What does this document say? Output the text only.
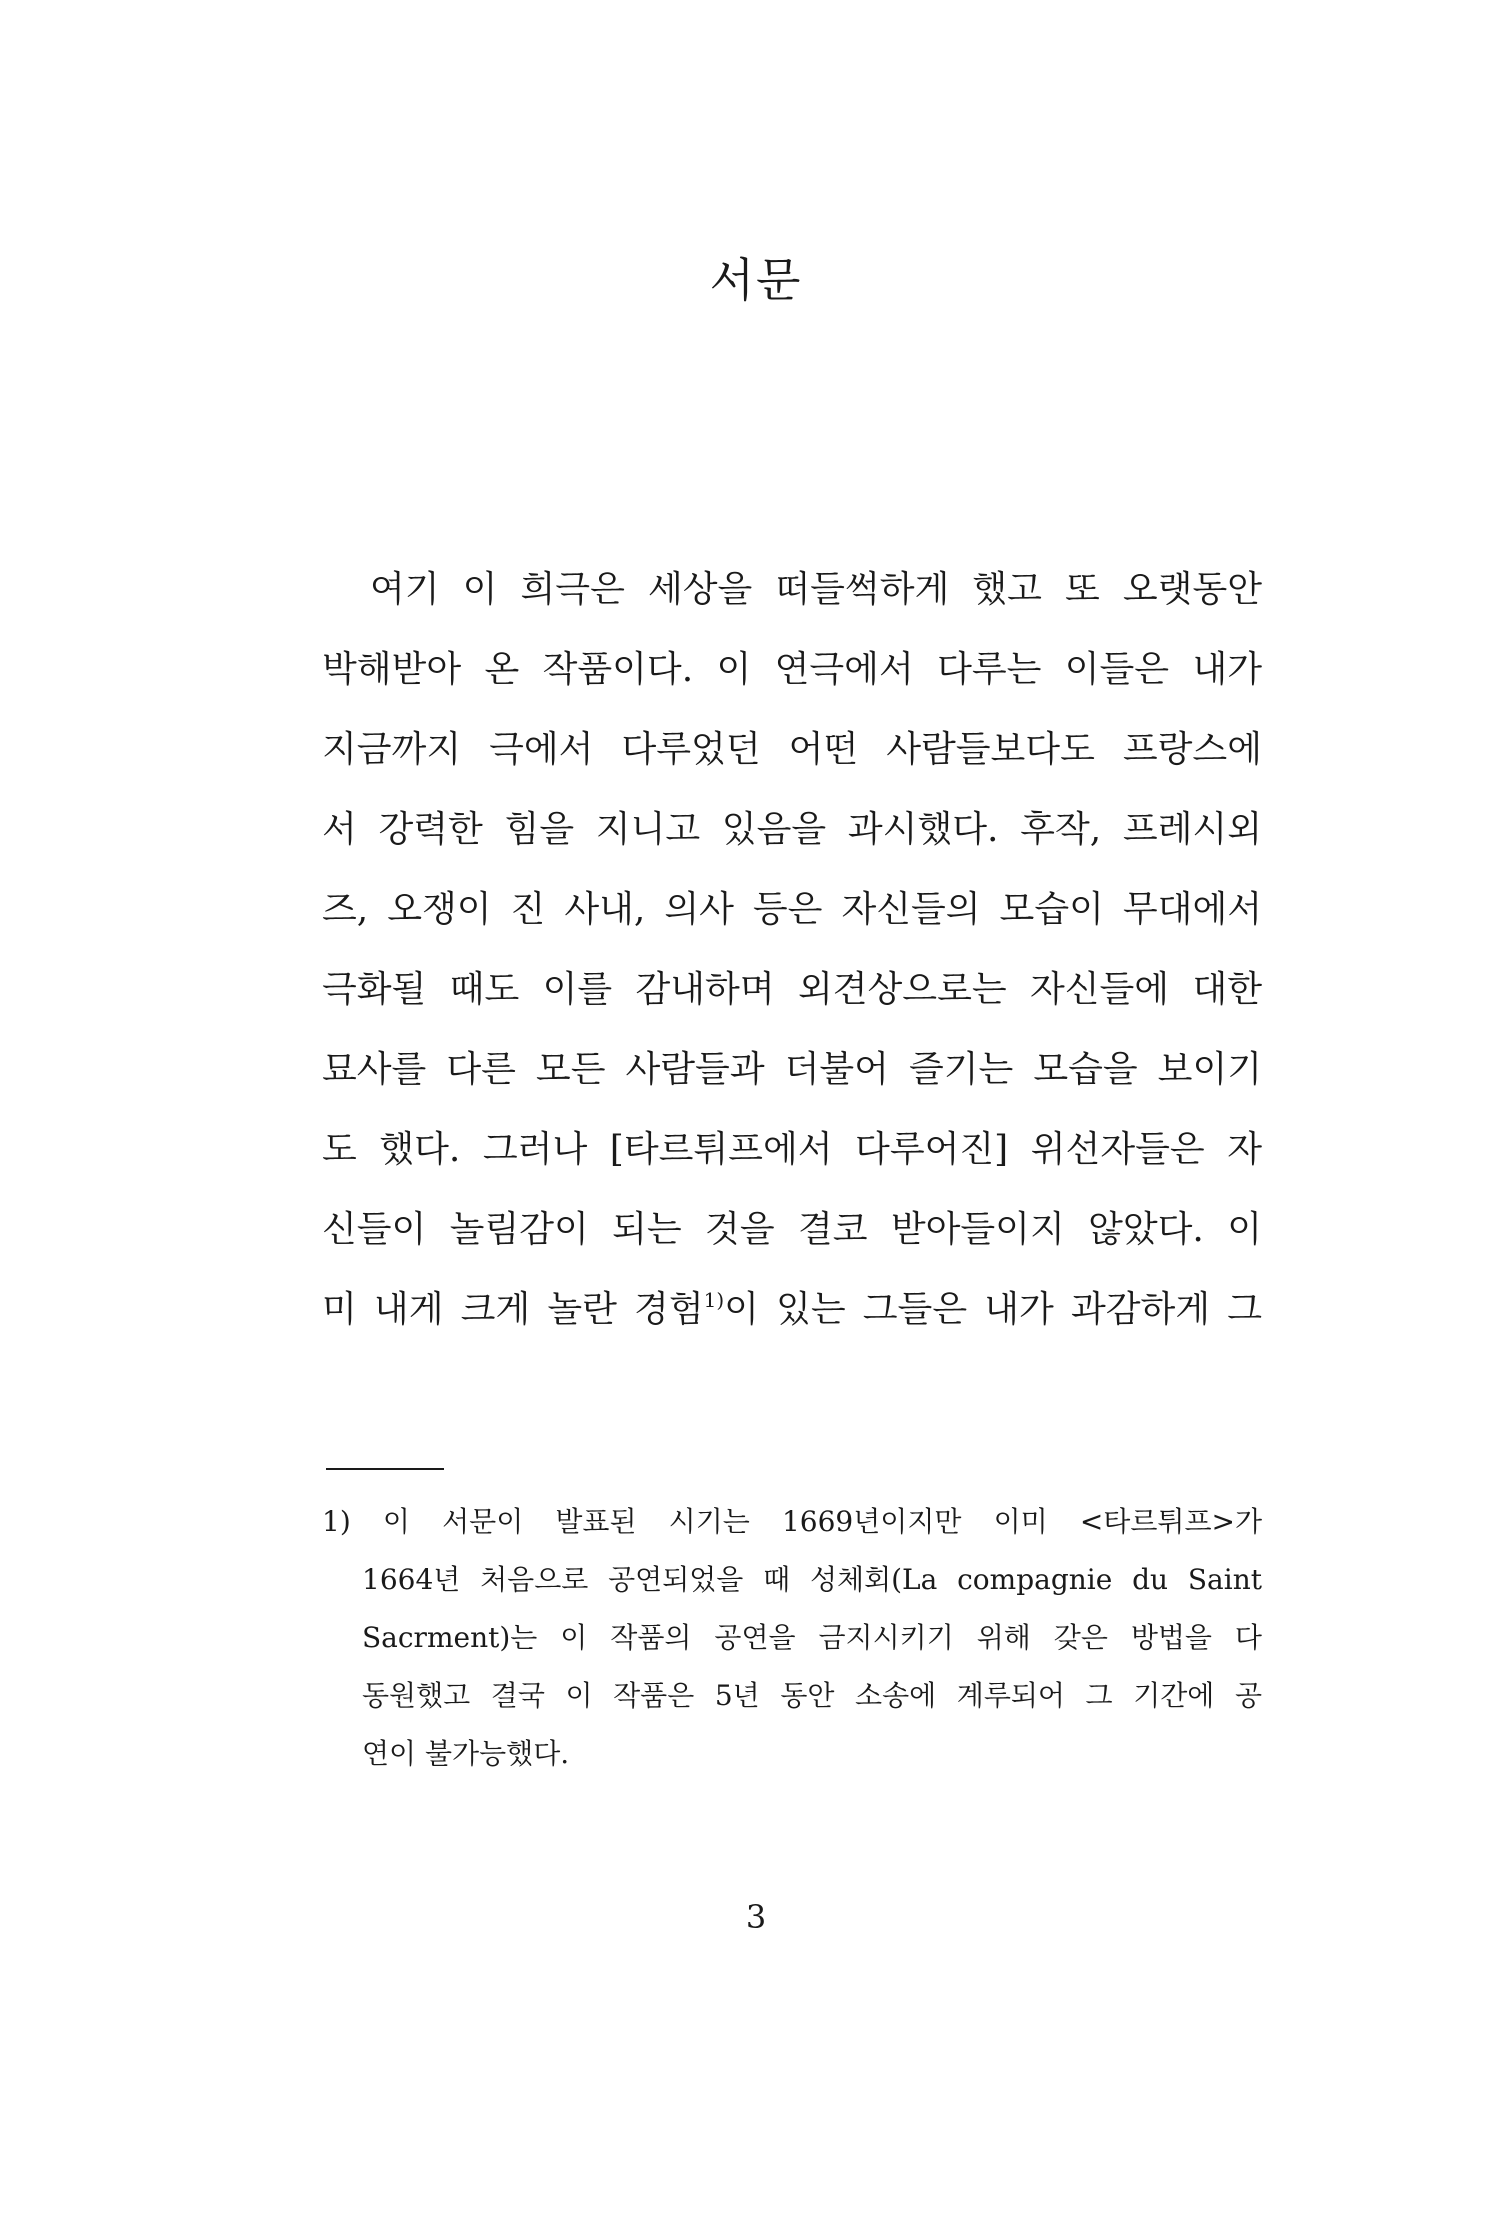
서문
여기 이 희극은 세상을 떠들썩하게 했고 또 오랫동안
박해받아 온 작품이다. 이 연극에서 다루는 이들은 내가
지금까지 극에서 다루었던 어떤 사람들보다도 프랑스에
서 강력한 힘을 지니고 있음을 과시했다. 후작, 프레시외
즈, 오쟁이 진 사내, 의사 등은 자신들의 모습이 무대에서
극화될 때도 이를 감내하며 외견상으로는 자신들에 대한
묘사를 다른 모든 사람들과 더불어 즐기는 모습을 보이기
도 했다. 그러나 [타르튀프에서 다루어진] 위선자들은 자
신들이 놀림감이 되는 것을 결코 받아들이지 않았다. 이
미 내게 크게 놀란 경험$^{1)}$이 있는 그들은 내가 과감하게 그
1) 이 서문이 발표된 시기는 1669년이지만 이미 <타르튀프>가
1664년 처음으로 공연되었을 때 성체회(La compagnie du Saint
Sacrment)는 이 작품의 공연을 금지시키기 위해 갖은 방법을 다
동원했고 결국 이 작품은 5년 동안 소송에 계루되어 그 기간에 공
연이 불가능했다.
3
